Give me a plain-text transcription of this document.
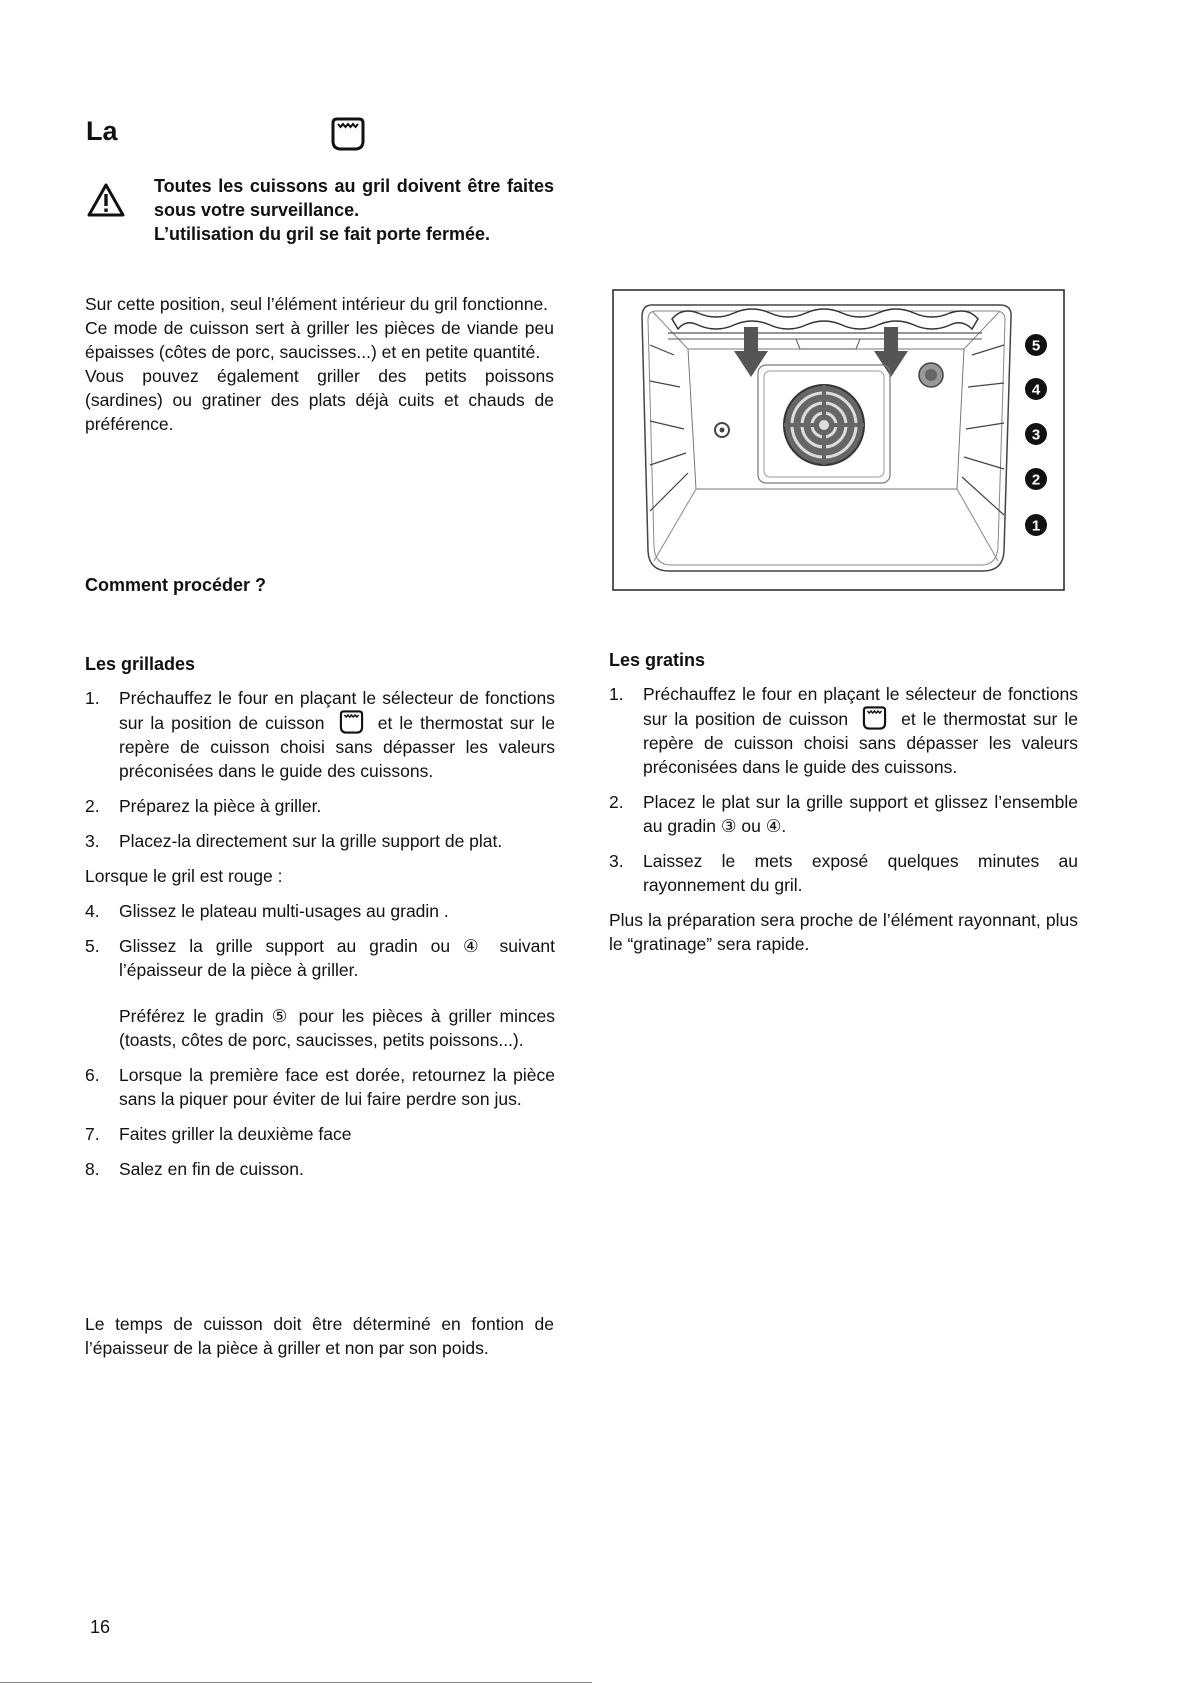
La
Toutes les cuissons au gril doivent être faites sous votre surveillance.
L’utilisation du gril se fait porte fermée.

Sur cette position, seul l’élément intérieur du gril fonctionne.

Ce mode de cuisson sert à griller les pièces de viande peu épaisses (côtes de porc, saucisses...) et en petite quantité.

Vous pouvez également griller des petits poissons (sardines) ou gratiner des plats déjà cuits et chauds de préférence.

Comment procéder ?
5
4
3
2
1
Les grillades
1. Préchauffez le four en plaçant le sélecteur de fonctions sur la position de cuisson	et le thermostat sur le repère de cuisson choisi sans dépasser les valeurs préconisées dans le guide des cuissons.
2. Préparez la pièce à griller.
3. Placez-la directement sur la grille support de plat.

Lorsque le gril est rouge :

4. Glissez le plateau multi-usages au gradin .
5. Glissez la grille support au gradin ou ④ suivant l’épaisseur de la pièce à griller.
Préférez le gradin ⑤ pour les pièces à griller minces (toasts, côtes de porc, saucisses, petits poissons...).
6. Lorsque la première face est dorée, retournez la pièce sans la piquer pour éviter de lui faire perdre son jus.
7. Faites griller la deuxième face
8. Salez en fin de cuisson.

Le temps de cuisson doit être déterminé en fontion de l’épaisseur de la pièce à griller et non par son poids.

Les gratins
1. Préchauffez le four en plaçant le sélecteur de fonctions sur la position de cuisson	et le thermostat sur le repère de cuisson choisi sans dépasser les valeurs préconisées dans le guide des cuissons.
2. Placez le plat sur la grille support et glissez l’ensemble au gradin ③ ou ④.
3. Laissez le mets exposé quelques minutes au rayonnement du gril.

Plus la préparation sera proche de l’élément rayonnant, plus le “gratinage” sera rapide.

16
